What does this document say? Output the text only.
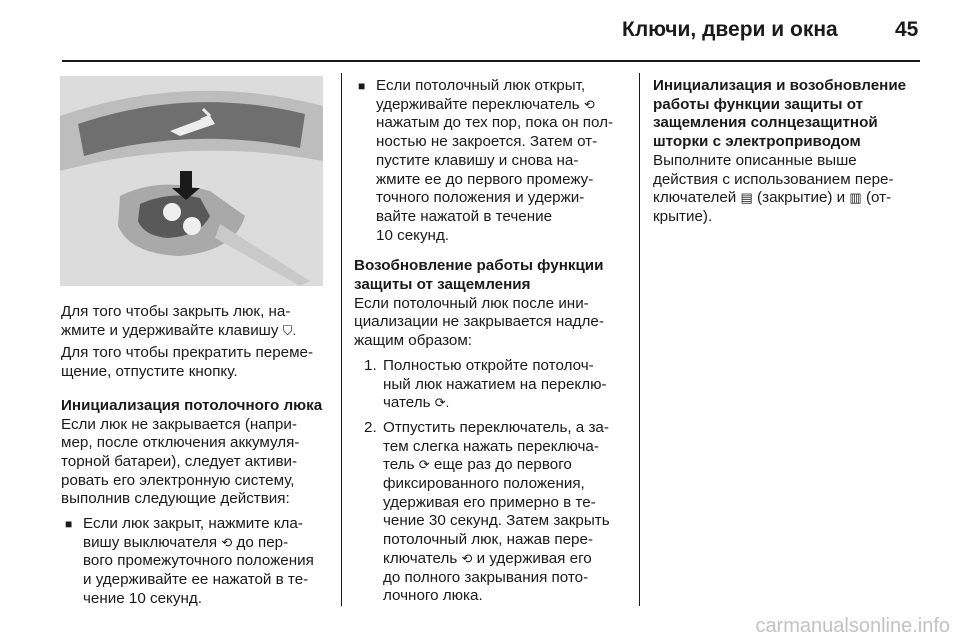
Ключи, двери и окна	45

Для того чтобы закрыть люк, на-
жмите и удерживайте клавишу ⛉.

Для того чтобы прекратить переме-
щение, отпустите кнопку.

Инициализация потолочного люка

Если люк не закрывается (напри-
мер, после отключения аккумуля-
торной батареи), следует активи-
ровать его электронную систему,
выполнив следующие действия:

■ Если люк закрыт, нажмите кла-
вишу выключателя ⟲ до пер-
вого промежуточного положения
и удерживайте ее нажатой в те-
чение 10 секунд.

■ Если потолочный люк открыт,
удерживайте переключатель ⟲
нажатым до тех пор, пока он пол-
ностью не закроется. Затем от-
пустите клавишу и снова на-
жмите ее до первого промежу-
точного положения и удержи-
вайте нажатой в течение
10 секунд.

Возобновление работы функции
защиты от защемления

Если потолочный люк после ини-
циализации не закрывается надле-
жащим образом:

1. Полностью откройте потолоч-
ный люк нажатием на переклю-
чатель ⟳.

2. Отпустить переключатель, а за-
тем слегка нажать переключа-
тель ⟳ еще раз до первого
фиксированного положения,
удерживая его примерно в те-
чение 30 секунд. Затем закрыть
потолочный люк, нажав пере-
ключатель ⟲ и удерживая его
до полного закрывания пото-
лочного люка.

Инициализация и возобновление
работы функции защиты от
защемления солнцезащитной
шторки с электроприводом

Выполните описанные выше
действия с использованием пере-
ключателей ▤ (закрытие) и ▥ (от-
крытие).

carmanualsonline.info
